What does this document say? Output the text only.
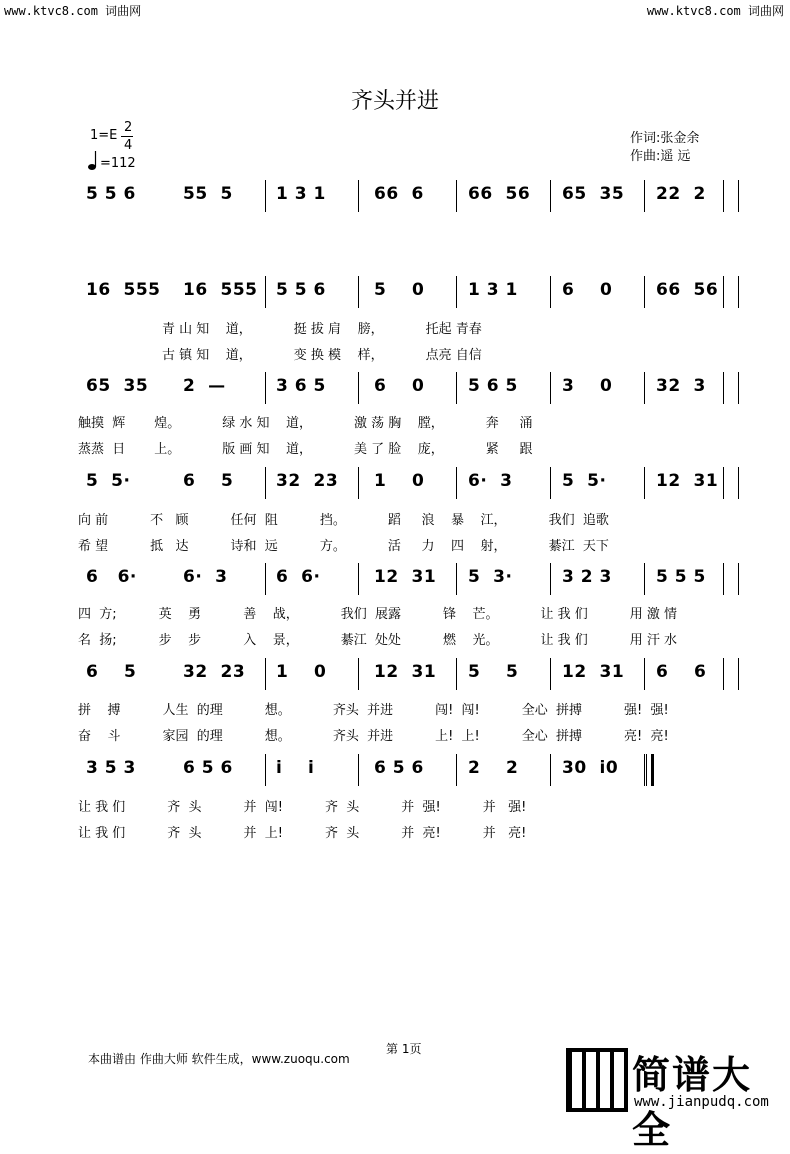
www.ktvc8.com 词曲网	www.ktvc8.com 词曲网
齐头并进
1=E
2
4
=112
作词:张金余
作曲:遥 远
5 5 6	55  5	1 3 1	66  6	66  56 65  35 22  2
16  555 16  555 5 5 6	5    0	1 3 1	6    0	66  56
65  35 2  —	3 6 5	6    0	5 6 5	3    0	32  3
5  5·	6    5	32  23 1    0	6·  3	5  5·	12  31
6   6·	6·  3	6  6·	12  31 5  3·	3 2 3	5 5 5
6    5	32  23 1    0	12  31 5    5	12  31 6    6
3 5 3	6 5 6	i    i	6 5 6	2    2	30  i0
青 山 知    道，	挺 拔 肩    膀，	托起 青春
古 镇 知    道，	变 换 模    样，	点亮 自信
触摸  辉       煌。	绿 水 知    道，	激 荡 胸    膛，	奔     涌
蒸蒸  日       上。	版 画 知    道，	美 了 脸    庞，	紧     跟
向 前	不   顾	任何  阻	挡。	蹈     浪    暴    江，	我们  追歌
希 望	抵   达	诗和  远	方。	活     力    四    射，	綦江  天下
四  方;	英    勇	善    战，	我们  展露	锋    芒。	让 我 们	用 激 情
名  扬;	步    步	入    景，	綦江  处处	燃    光。	让 我 们	用 汗 水
拼    搏	人生  的理	想。	齐头  并进	闯!  闯!	全心  拼搏	强!  强!
奋    斗	家园  的理	想。	齐头  并进	上!  上!	全心  拼搏	亮!  亮!
让 我 们	齐  头	并  闯!	齐  头	并  强!	并   强!
让 我 们	齐  头	并  上!	齐  头	并  亮!	并   亮!
第 1页
本曲谱由 作曲大师 软件生成，www.zuoqu.com	简谱大全
www.jianpudq.com
